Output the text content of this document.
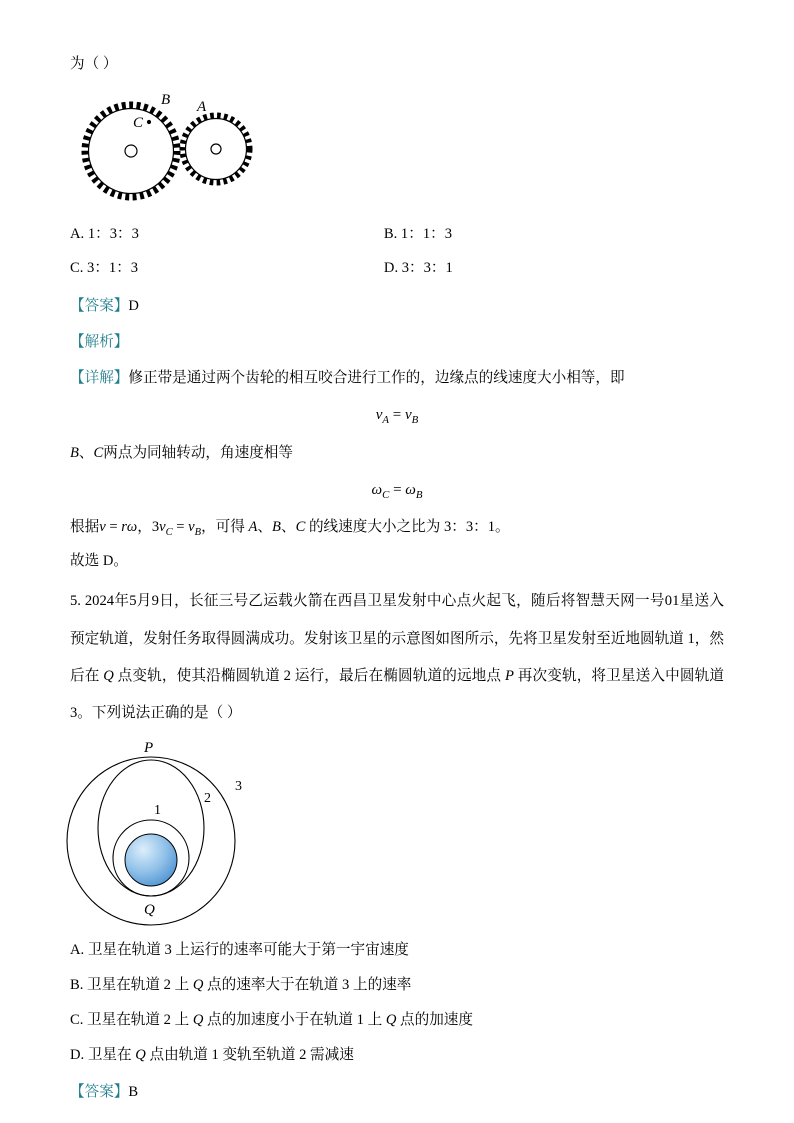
为（ ）

B A
C
A. 1：3：3	B. 1：1：3
C. 3：1：3	D. 3：3：1

【答案】D

【解析】

【详解】修正带是通过两个齿轮的相互咬合进行工作的，边缘点的线速度大小相等，即

$v_A = v_B$

B、C两点为同轴转动，角速度相等

$\omega_C = \omega_B$

根据v = rω，$3v_C = v_B$，可得 A、B、C 的线速度大小之比为 3：3：1。

故选 D。

5. 2024年5月9日，长征三号乙运载火箭在西昌卫星发射中心点火起飞，随后将智慧天网一号01星送入预定轨道，发射任务取得圆满成功。发射该卫星的示意图如图所示，先将卫星发射至近地圆轨道 1，然后在 Q 点变轨，使其沿椭圆轨道 2 运行，最后在椭圆轨道的远地点 P 再次变轨，将卫星送入中圆轨道 3。下列说法正确的是（ ）

P
1
2
3
Q

A. 卫星在轨道 3 上运行的速率可能大于第一宇宙速度

B. 卫星在轨道 2 上 Q 点的速率大于在轨道 3 上的速率

C. 卫星在轨道 2 上 Q 点的加速度小于在轨道 1 上 Q 点的加速度

D. 卫星在 Q 点由轨道 1 变轨至轨道 2 需减速

【答案】B
